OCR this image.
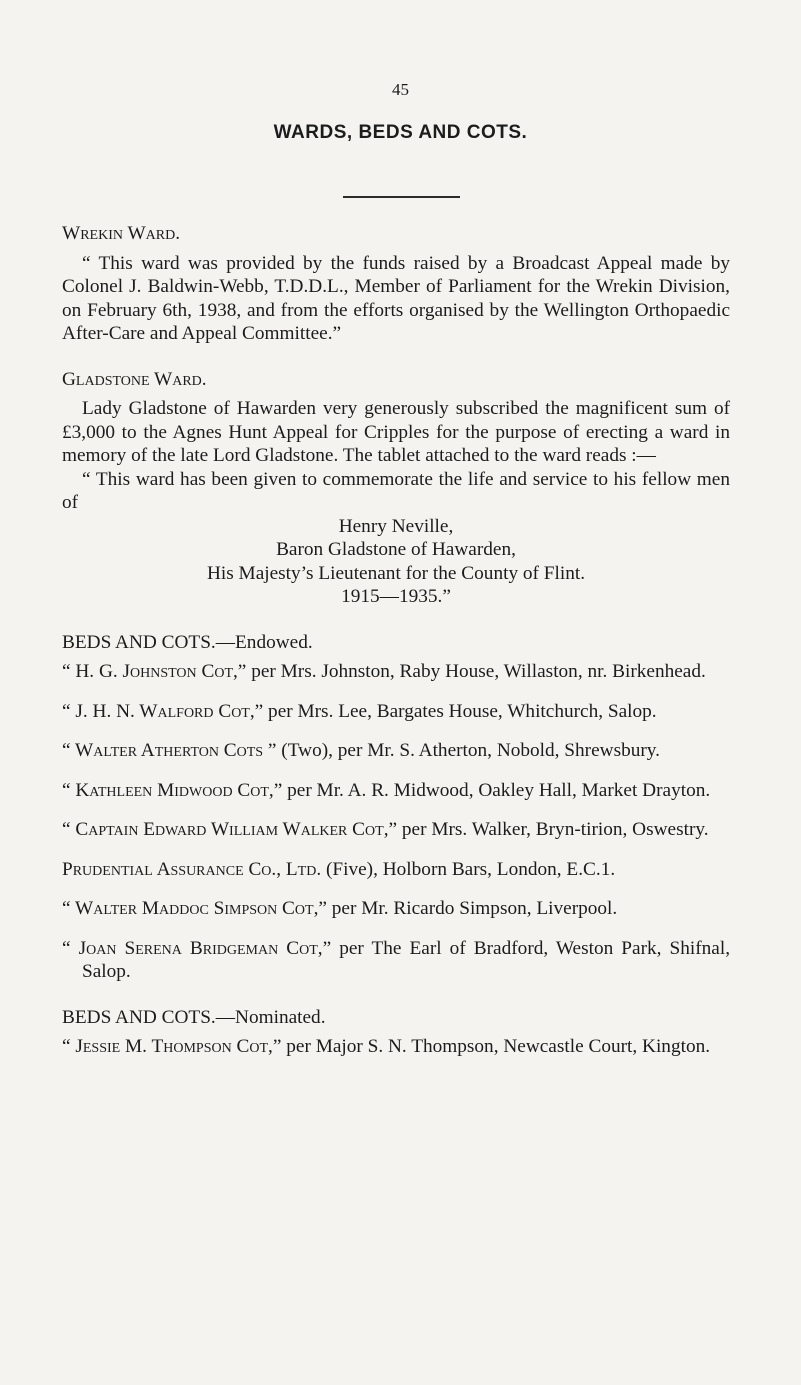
45
WARDS, BEDS AND COTS.

Wrekin Ward.

“ This ward was provided by the funds raised by a Broadcast Appeal made by Colonel J. Baldwin-Webb, T.D.D.L., Member of Parliament for the Wrekin Division, on February 6th, 1938, and from the efforts organised by the Wellington Orthopaedic After-Care and Appeal Committee.”

Gladstone Ward.

Lady Gladstone of Hawarden very generously subscribed the magnificent sum of £3,000 to the Agnes Hunt Appeal for Cripples for the purpose of erecting a ward in memory of the late Lord Gladstone. The tablet attached to the ward reads :—

“ This ward has been given to commemorate the life and service to his fellow men of

Henry Neville,

Baron Gladstone of Hawarden,

His Majesty’s Lieutenant for the County of Flint.

1915—1935.”

BEDS AND COTS.—Endowed.

“ H. G. Johnston Cot,” per Mrs. Johnston, Raby House, Willaston, nr. Birkenhead.

“ J. H. N. Walford Cot,” per Mrs. Lee, Bargates House, Whitchurch, Salop.

“ Walter Atherton Cots ” (Two), per Mr. S. Atherton, Nobold, Shrewsbury.

“ Kathleen Midwood Cot,” per Mr. A. R. Midwood, Oakley Hall, Market Drayton.

“ Captain Edward William Walker Cot,” per Mrs. Walker, Bryn-tirion, Oswestry.

Prudential Assurance Co., Ltd. (Five), Holborn Bars, London, E.C.1.

“ Walter Maddoc Simpson Cot,” per Mr. Ricardo Simpson, Liverpool.

“ Joan Serena Bridgeman Cot,” per The Earl of Bradford, Weston Park, Shifnal, Salop.

BEDS AND COTS.—Nominated.

“ Jessie M. Thompson Cot,” per Major S. N. Thompson, Newcastle Court, Kington.
